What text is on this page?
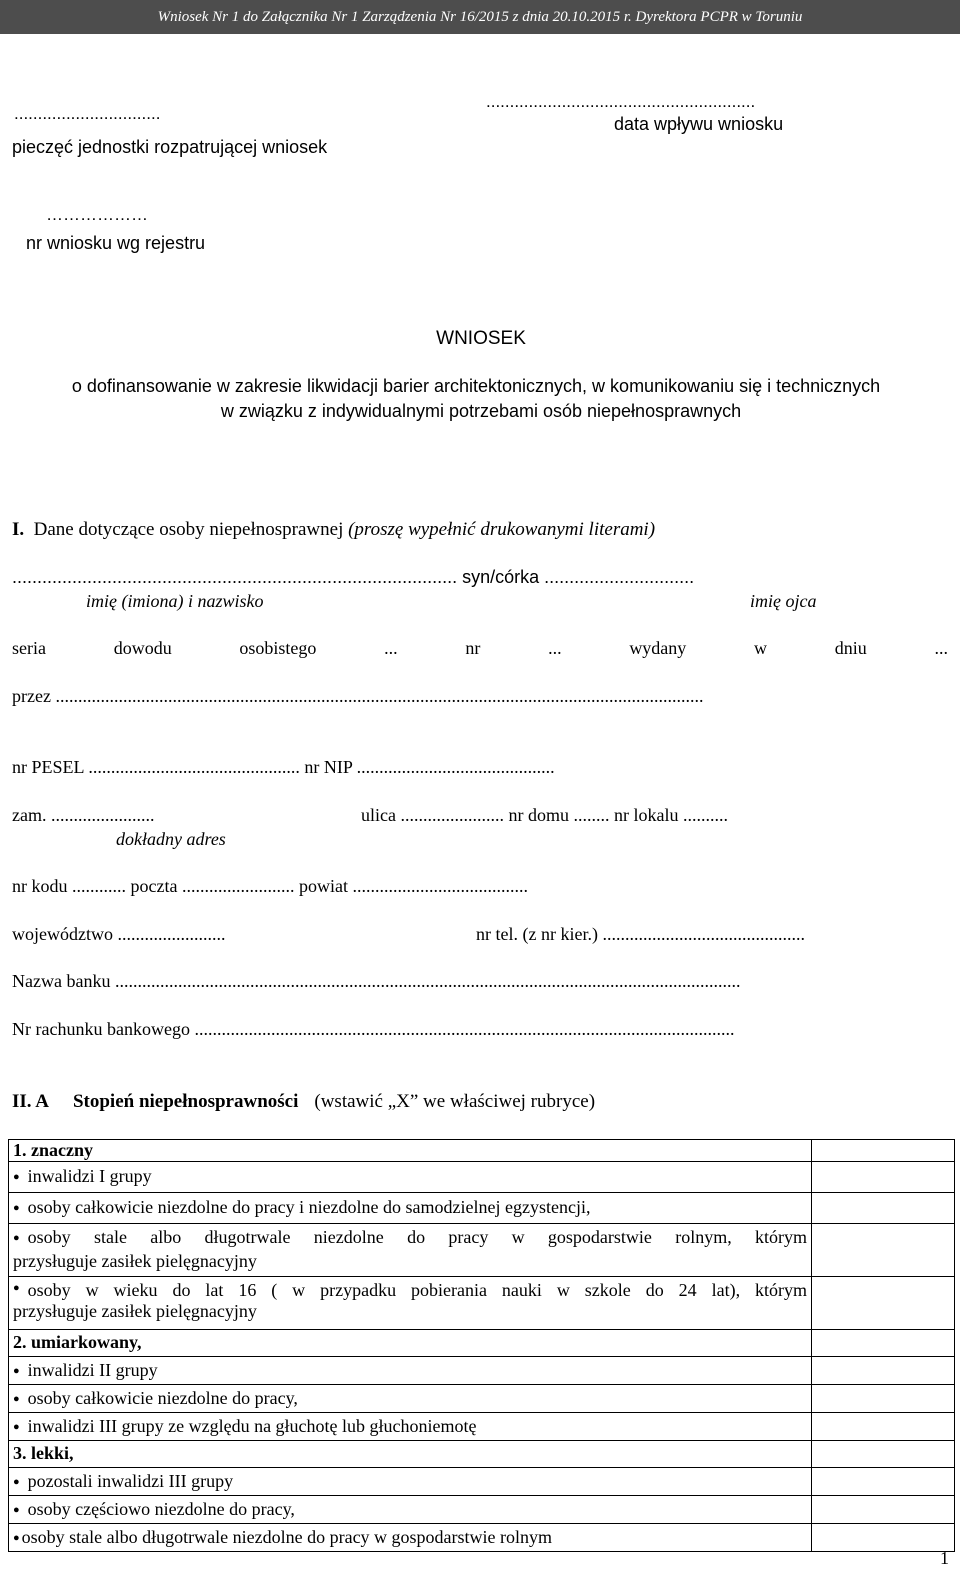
Wniosek Nr 1 do Załącznika Nr 1 Zarządzenia Nr 16/2015 z dnia 20.10.2015 r. Dyrektora PCPR w Toruniu
...............................
pieczęć jednostki rozpatrującej wniosek
.........................................................
data wpływu wniosku
………………
nr wniosku wg rejestru
WNIOSEK
o dofinansowanie w zakresie likwidacji barier architektonicznych, w komunikowaniu się i technicznych
w związku z indywidualnymi potrzebami osób niepełnosprawnych
I. Dane dotyczące osoby niepełnosprawnej (proszę wypełnić drukowanymi literami)
......................................................................................... syn/córka ..............................
imię (imiona) i nazwisko	imię ojca
seria	dowodu	osobistego	...	nr	...	wydany	w	dniu	...
przez ................................................................................................................................................
nr PESEL ............................................... nr NIP ............................................
zam. .......................
dokładny adres
ulica ....................... nr domu ........ nr lokalu ..........
nr kodu ............ poczta ......................... powiat .......................................
województwo ........................	nr tel. (z nr kier.) .............................................
Nazwa banku ...........................................................................................................................................
Nr rachunku bankowego ........................................................................................................................
II. A Stopień niepełnosprawności (wstawić „X” we właściwej rubryce)
1. znaczny	
● inwalidzi I grupy	
● osoby całkowicie niezdolne do pracy i niezdolne do samodzielnej egzystencji,	

● osoby stale albo długotrwale niezdolne do pracy w gospodarstwie rolnym, którym
przysługuje zasiłek pielęgnacyjny	

● osoby w wieku do lat 16 ( w przypadku pobierania nauki w szkole do 24 lat), którym
przysługuje zasiłek pielęgnacyjny	

2. umiarkowany,	
● inwalidzi II grupy	
● osoby całkowicie niezdolne do pracy,	
● inwalidzi III grupy ze względu na głuchotę lub głuchoniemotę	
3. lekki,	
● pozostali inwalidzi III grupy	
● osoby częściowo niezdolne do pracy,	
● osoby stale albo długotrwale niezdolne do pracy w gospodarstwie rolnym	
1
